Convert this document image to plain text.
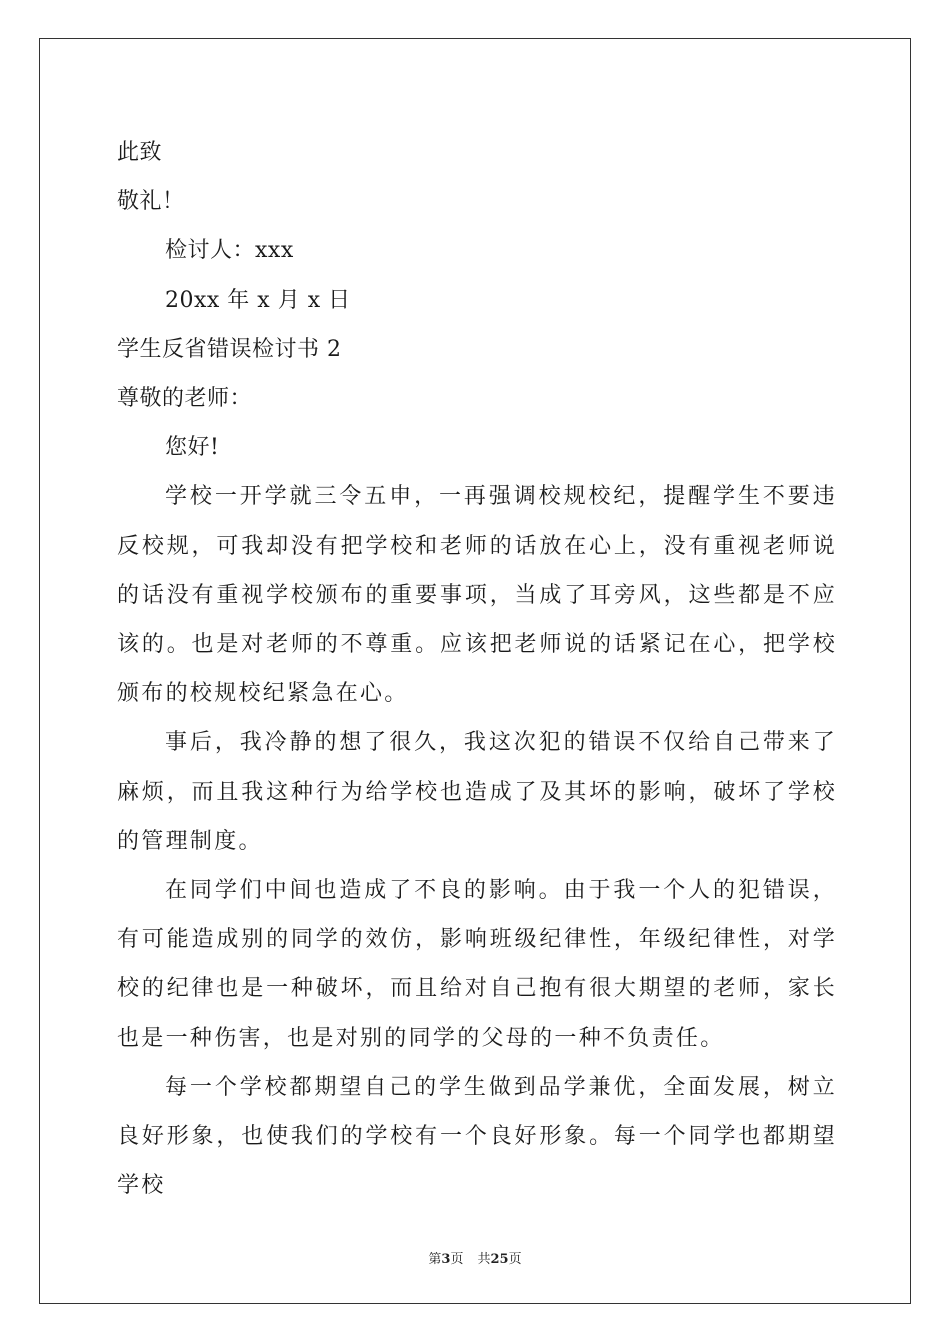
此致
敬礼！
检讨人：xxx
20xx 年 x 月 x 日
学生反省错误检讨书 2
尊敬的老师：
您好!

学校一开学就三令五申，一再强调校规校纪，提醒学生不要违反校规，可我却没有把学校和老师的话放在心上，没有重视老师说的话没有重视学校颁布的重要事项，当成了耳旁风，这些都是不应该的。也是对老师的不尊重。应该把老师说的话紧记在心，把学校颁布的校规校纪紧急在心。

事后，我冷静的想了很久，我这次犯的错误不仅给自己带来了麻烦，而且我这种行为给学校也造成了及其坏的影响，破坏了学校的管理制度。

在同学们中间也造成了不良的影响。由于我一个人的犯错误，有可能造成别的同学的效仿，影响班级纪律性，年级纪律性，对学校的纪律也是一种破坏，而且给对自己抱有很大期望的老师，家长也是一种伤害，也是对别的同学的父母的一种不负责任。

每一个学校都期望自己的学生做到品学兼优，全面发展，树立良好形象，也使我们的学校有一个良好形象。每一个同学也都期望学校

第3页 共25页
